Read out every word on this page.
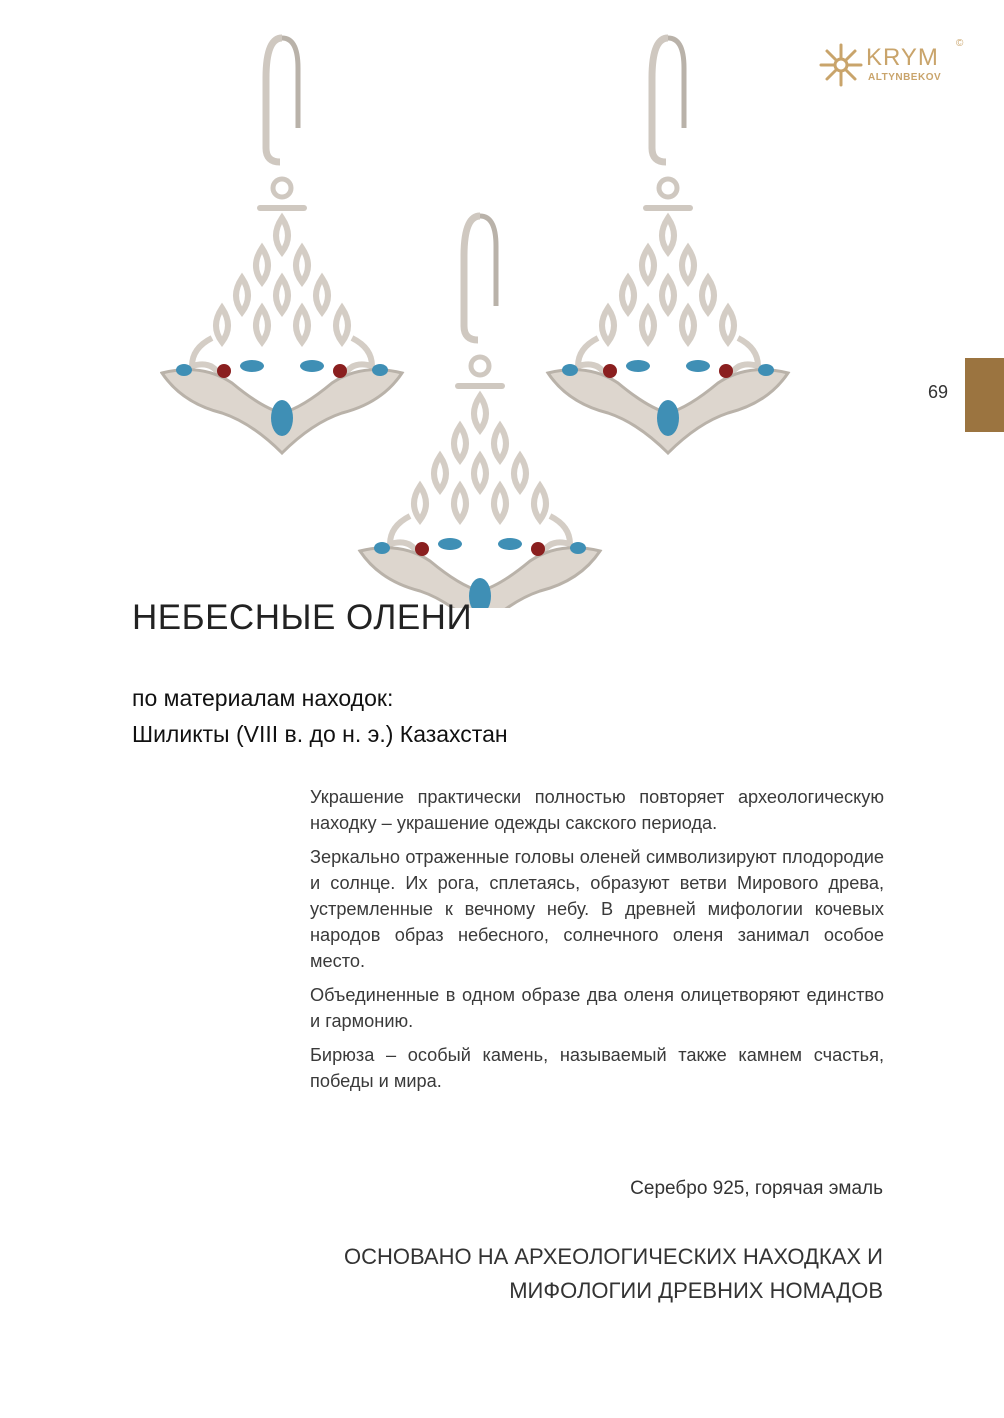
KRYM
ALTYNBEKOV
©
69
НЕБЕСНЫЕ ОЛЕНИ
по материалам находок:
Шиликты (VIII в. до н. э.) Казахстан

Украшение практически полностью повторяет археологическую находку – украшение одежды сакского периода.

Зеркально отраженные головы оленей символизируют плодородие и солнце. Их рога, сплетаясь, образуют ветви Мирового древа, устремленные к вечному небу. В древней мифологии кочевых народов образ небесного, солнечного оленя занимал особое место.

Объединенные в одном образе два оленя олицетворяют единство и гармонию.

Бирюза – особый камень, называемый также камнем счастья, победы и мира.

Серебро 925, горячая эмаль
ОСНОВАНО НА АРХЕОЛОГИЧЕСКИХ НАХОДКАХ И
МИФОЛОГИИ ДРЕВНИХ НОМАДОВ
